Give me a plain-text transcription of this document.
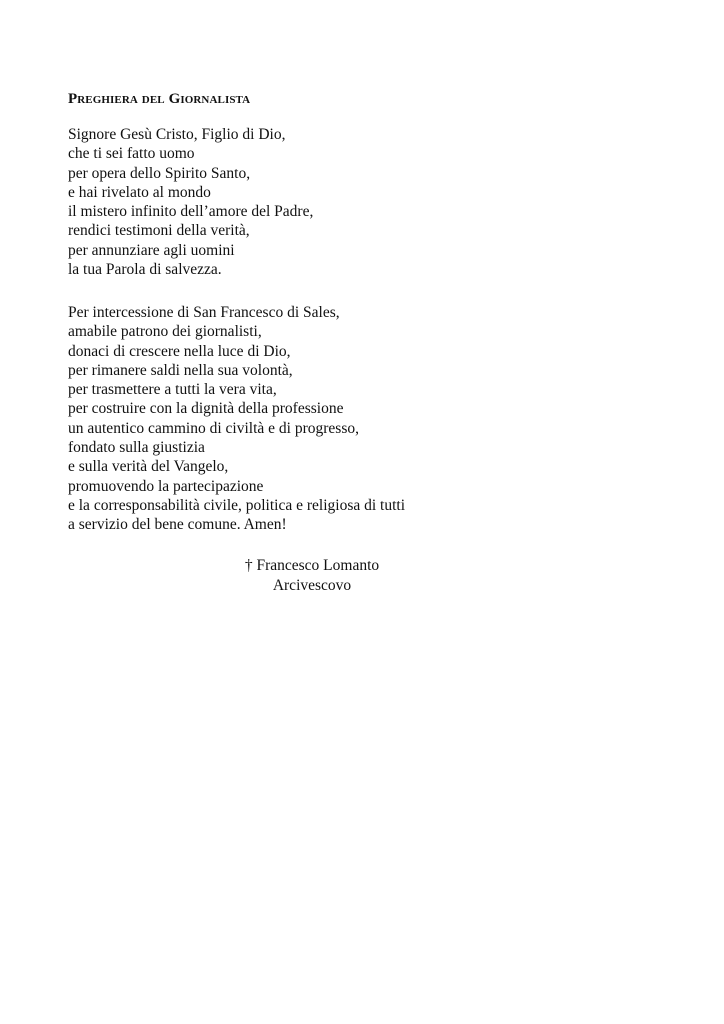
Preghiera del Giornalista
Signore Gesù Cristo, Figlio di Dio,
che ti sei fatto uomo
per opera dello Spirito Santo,
e hai rivelato al mondo
il mistero infinito dell’amore del Padre,
rendici testimoni della verità,
per annunziare agli uomini
la tua Parola di salvezza.
Per intercessione di San Francesco di Sales,
amabile patrono dei giornalisti,
donaci di crescere nella luce di Dio,
per rimanere saldi nella sua volontà,
per trasmettere a tutti la vera vita,
per costruire con la dignità della professione
un autentico cammino di civiltà e di progresso,
fondato sulla giustizia
e sulla verità del Vangelo,
promuovendo la partecipazione
e la corresponsabilità civile, politica e religiosa di tutti
a servizio del bene comune. Amen!
† Francesco Lomanto
Arcivescovo
